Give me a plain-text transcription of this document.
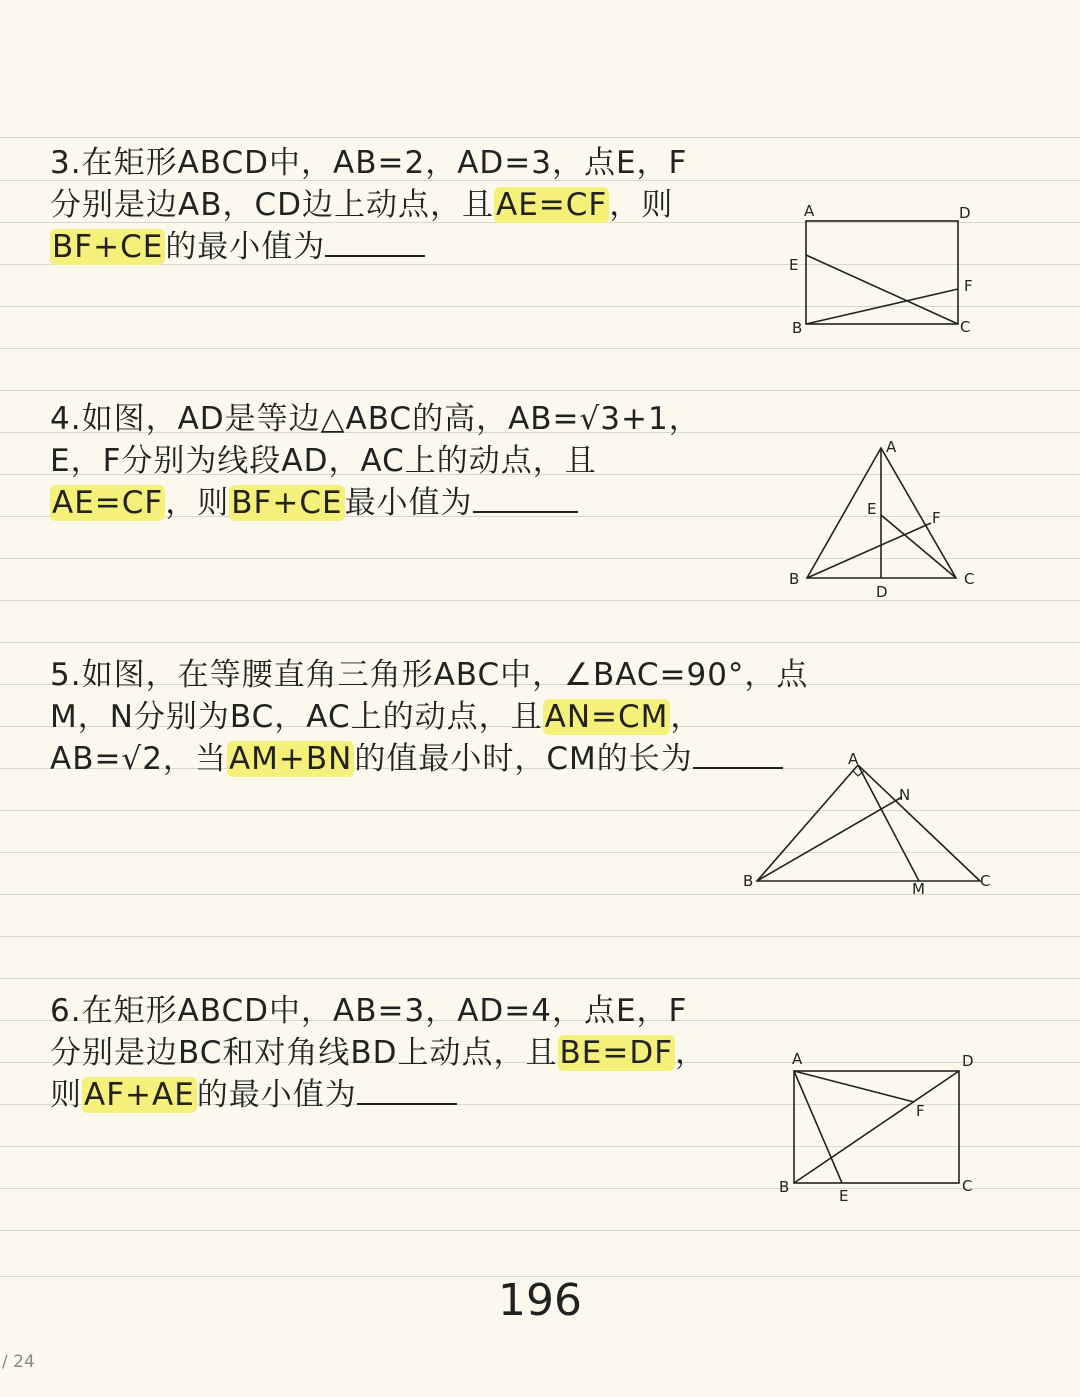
3.在矩形ABCD中，AB=2，AD=3，点E，F
分别是边AB，CD边上动点，且AE=CF，则
BF+CE的最小值为
A	D
E
F
B	C
4.如图，AD是等边△ABC的高，AB=√3+1，
E，F分别为线段AD，AC上的动点，且
AE=CF，则BF+CE最小值为
A
E	F
B	C
D
5.如图，在等腰直角三角形ABC中，∠BAC=90°，点
M，N分别为BC，AC上的动点，且AN=CM，
AB=√2，当AM+BN的值最小时，CM的长为	A
N
B	M	C
6.在矩形ABCD中，AB=3，AD=4，点E，F
分别是边BC和对角线BD上动点，且BE=DF，
则AF+AE的最小值为
A	D
F
B	E
C
196
/ 24
